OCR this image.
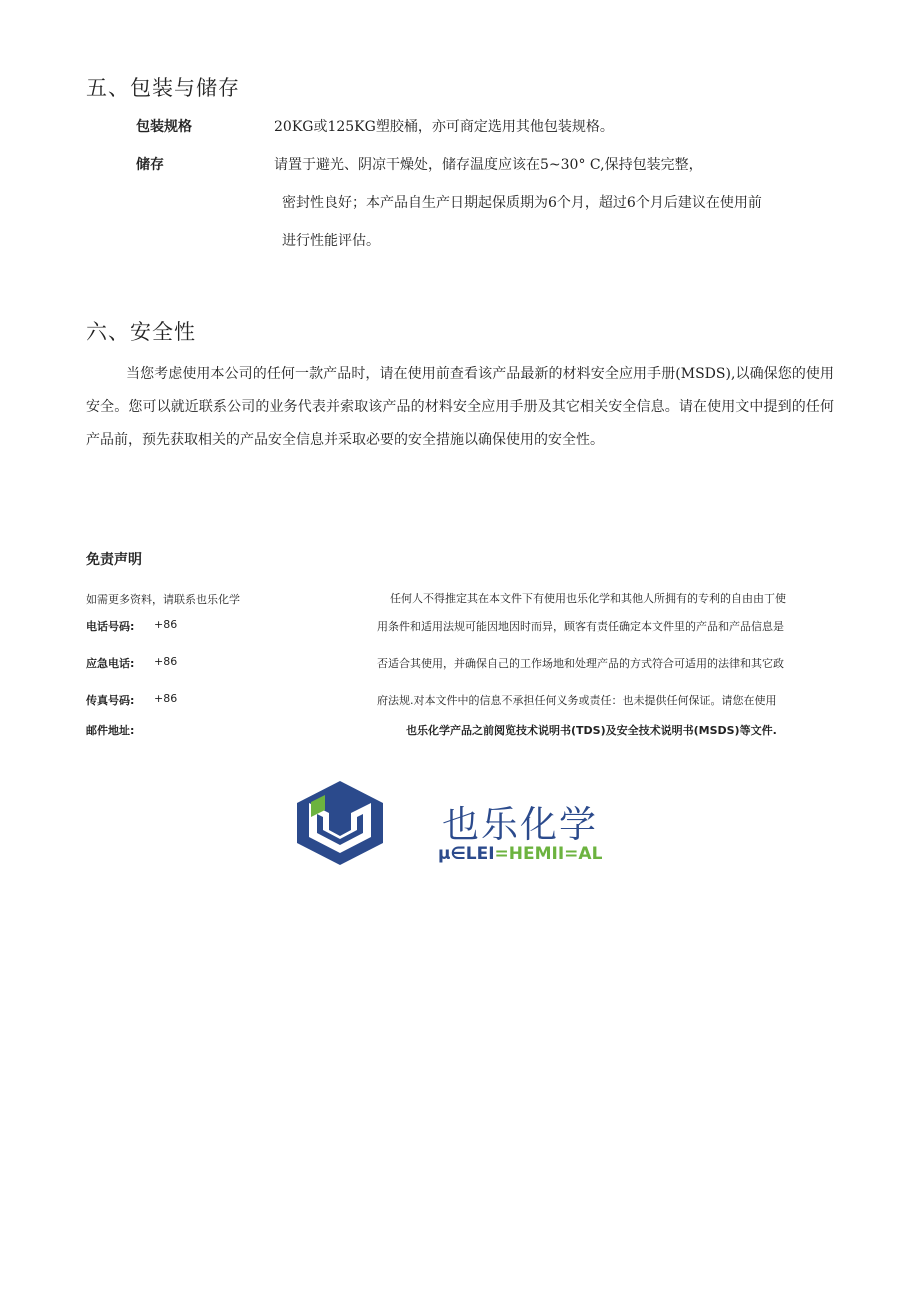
五、包装与储存
包装规格	20KG或125KG塑胶桶，亦可商定选用其他包装规格。
储存	请置于避光、阴凉干燥处，储存温度应该在5~30° C,保持包装完整，
密封性良好；本产品自生产日期起保质期为6个月，超过6个月后建议在使用前
进行性能评估。
六、安全性
当您考虑使用本公司的任何一款产品时，请在使用前查看该产品最新的材料安全应用手册(MSDS),以确保您的使用安全。您可以就近联系公司的业务代表并索取该产品的材料安全应用手册及其它相关安全信息。请在使用文中提到的任何产品前，预先获取相关的产品安全信息并采取必要的安全措施以确保使用的安全性。
免责声明
如需更多资料，请联系也乐化学
电话号码: +86
应急电话: +86
传真号码: +86
邮件地址:
任何人不得推定其在本文件下有使用也乐化学和其他人所拥有的专利的自由由丁使
用条件和适用法规可能因地因时而异，顾客有责任确定本文件里的产品和产品信息是
否适合其使用，并确保自己的工作场地和处理产品的方式符合可适用的法律和其它政
府法规.对本文件中的信息不承担任何义务或责任：也未提供任何保证。请您在使用
也乐化学产品之前阅览技术说明书(TDS)及安全技术说明书(MSDS)等文件.
也乐化学
μ∈LEI=HEMII=AL
